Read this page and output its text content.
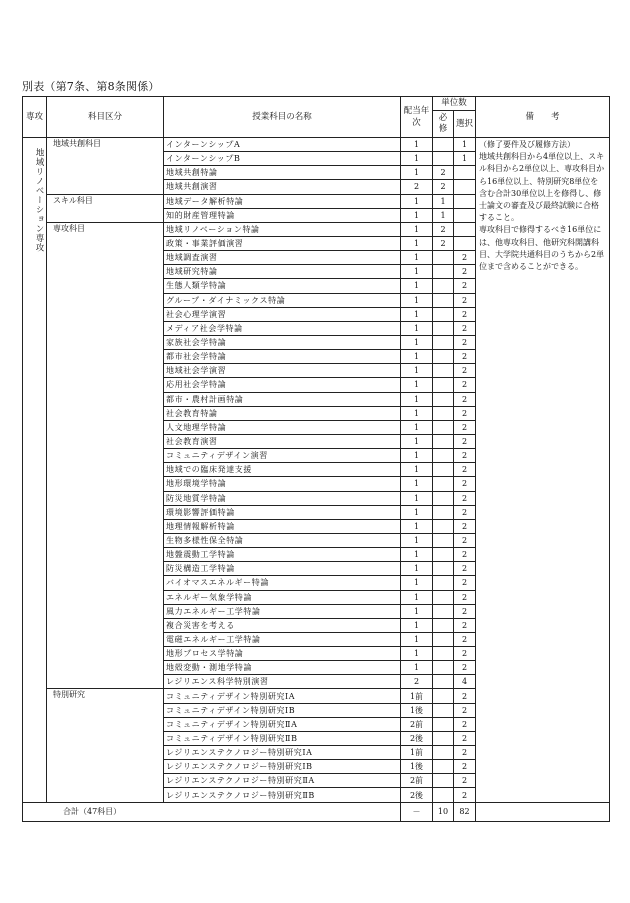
別表（第7条、第8条関係）
専攻	科目区分	授業科目の名称	配当年次	単位数		備　　考
				必修	選択	
地域リノベーション専攻	地域共創科目	インターンシップA	1		1	（修了要件及び履修方法）

地域共創科目から4単位以上、スキル科目から2単位以上、専攻科目から16単位以上、特別研究8単位を含む合計30単位以上を修得し、修士論文の審査及び最終試験に合格すること。

専攻科目で修得するべき16単位には、他専攻科目、他研究科開講科目、大学院共通科目のうちから2単位まで含めることができる。

		インターンシップB	1		1	
		地域共創特論	1	2		
		地域共創演習	2	2		
	スキル科目	地域データ解析特論	1	1		
		知的財産管理特論	1	1		
	専攻科目	地域リノベーション特論	1	2		
		政策・事業評価演習	1	2		
		地域調査演習	1		2	
		地域研究特論	1		2	
		生態人類学特論	1		2	
		グループ・ダイナミックス特論	1		2	
		社会心理学演習	1		2	
		メディア社会学特論	1		2	
		家族社会学特論	1		2	
		都市社会学特論	1		2	
		地域社会学演習	1		2	
		応用社会学特論	1		2	
		都市・農村計画特論	1		2	
		社会教育特論	1		2	
		人文地理学特論	1		2	
		社会教育演習	1		2	
		コミュニティデザイン演習	1		2	
		地域での臨床発達支援	1		2	
		地形環境学特論	1		2	
		防災地質学特論	1		2	
		環境影響評価特論	1		2	
		地理情報解析特論	1		2	
		生物多様性保全特論	1		2	
		地盤震動工学特論	1		2	
		防災構造工学特論	1		2	
		バイオマスエネルギー特論	1		2	
		エネルギー気象学特論	1		2	
		風力エネルギー工学特論	1		2	
		複合災害を考える	1		2	
		電磁エネルギー工学特論	1		2	
		地形プロセス学特論	1		2	
		地殻変動・測地学特論	1		2	
		レジリエンス科学特別演習	2		4	
	特別研究	コミュニティデザイン特別研究ⅠA	1前		2	
		コミュニティデザイン特別研究ⅠB	1後		2	
		コミュニティデザイン特別研究ⅡA	2前		2	
		コミュニティデザイン特別研究ⅡB	2後		2	
		レジリエンステクノロジー特別研究ⅠA	1前		2	
		レジリエンステクノロジー特別研究ⅠB	1後		2	
		レジリエンステクノロジー特別研究ⅡA	2前		2	
		レジリエンステクノロジー特別研究ⅡB	2後		2	
合計（47科目）			－	10	82	
